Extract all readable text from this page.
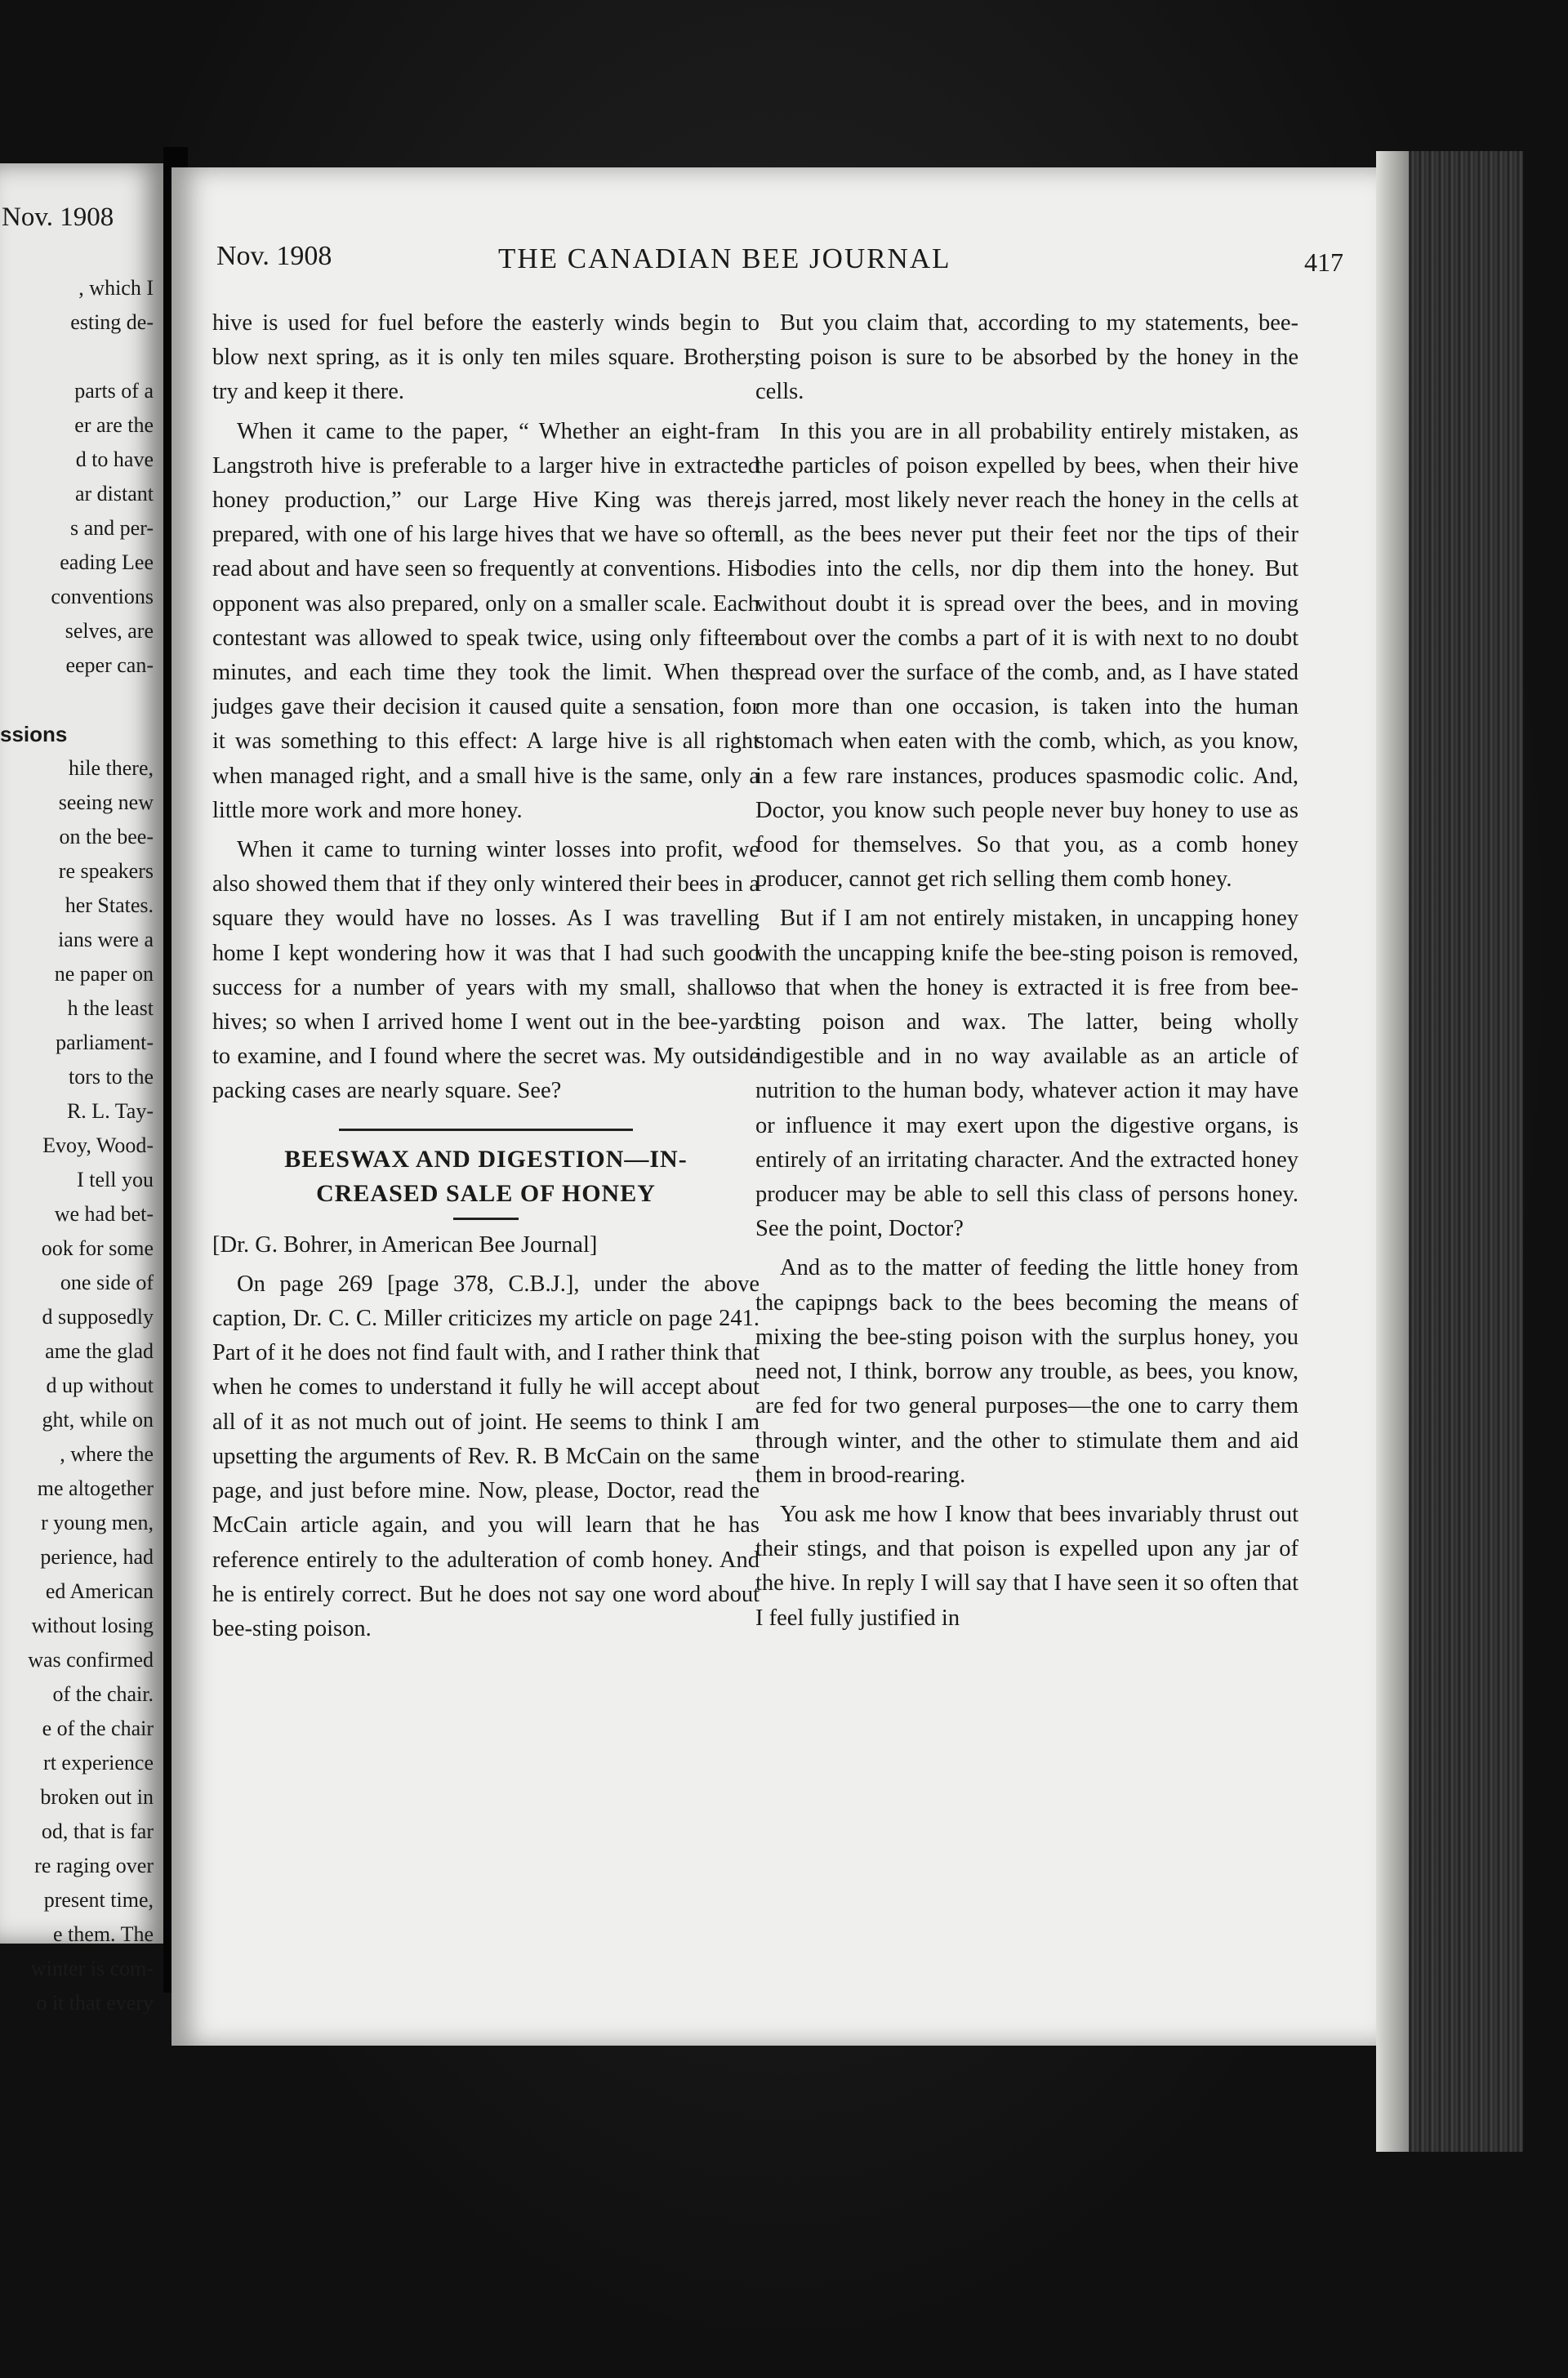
Nov. 1908
, which I
esting de-
parts of a
er are the
d to have
ar distant
s and per-
eading Lee
conventions
selves, are
eeper can-
ssions
hile there,
seeing new
on the bee-
re speakers
her States.
ians were a
ne paper on
h the least
parliament-
tors to the
R. L. Tay-
Evoy, Wood-
I tell you
we had bet-
ook for some
one side of
d supposedly
ame the glad
d up without
ght, while on
, where the
me altogether
r young men,
perience, had
ed American
without losing
was confirmed
of the chair.
e of the chair
rt experience
broken out in
od, that is far
re raging over
present time,
e them. The
winter is com-
o it that every
Nov. 1908	THE CANADIAN BEE JOURNAL	417

hive is used for fuel before the easterly winds begin to blow next spring, as it is only ten miles square. Brother, try and keep it there.

When it came to the paper, “ Whether an eight-fram Langstroth hive is preferable to a larger hive in extracted honey production,” our Large Hive King was there, prepared, with one of his large hives that we have so often read about and have seen so frequently at conventions. His opponent was also prepared, only on a smaller scale. Each contestant was allowed to speak twice, using only fifteen minutes, and each time they took the limit. When the judges gave their decision it caused quite a sensation, for it was something to this effect: A large hive is all right when managed right, and a small hive is the same, only a little more work and more honey.

When it came to turning winter losses into profit, we also showed them that if they only wintered their bees in a square they would have no losses. As I was travelling home I kept wondering how it was that I had such good success for a number of years with my small, shallow hives; so when I arrived home I went out in the bee-yard to examine, and I found where the secret was. My outside packing cases are nearly square. See?

BEESWAX AND DIGESTION—IN-
CREASED SALE OF HONEY

[Dr. G. Bohrer, in American Bee Journal]

On page 269 [page 378, C.B.J.], under the above caption, Dr. C. C. Miller criticizes my article on page 241. Part of it he does not find fault with, and I rather think that when he comes to understand it fully he will accept about all of it as not much out of joint. He seems to think I am upsetting the arguments of Rev. R. B McCain on the same page, and just before mine. Now, please, Doctor, read the McCain article again, and you will learn that he has reference entirely to the adulteration of comb honey. And he is entirely correct. But he does not say one word about bee-sting poison.

But you claim that, according to my statements, bee-sting poison is sure to be absorbed by the honey in the cells.

In this you are in all probability entirely mistaken, as the particles of poison expelled by bees, when their hive is jarred, most likely never reach the honey in the cells at all, as the bees never put their feet nor the tips of their bodies into the cells, nor dip them into the honey. But without doubt it is spread over the bees, and in moving about over the combs a part of it is with next to no doubt spread over the surface of the comb, and, as I have stated on more than one occasion, is taken into the human stomach when eaten with the comb, which, as you know, in a few rare instances, produces spasmodic colic. And, Doctor, you know such people never buy honey to use as food for themselves. So that you, as a comb honey producer, cannot get rich selling them comb honey.

But if I am not entirely mistaken, in uncapping honey with the uncapping knife the bee-sting poison is removed, so that when the honey is extracted it is free from bee-sting poison and wax. The latter, being wholly indigestible and in no way available as an article of nutrition to the human body, whatever action it may have or influence it may exert upon the digestive organs, is entirely of an irritating character. And the extracted honey producer may be able to sell this class of persons honey. See the point, Doctor?

And as to the matter of feeding the little honey from the capipngs back to the bees becoming the means of mixing the bee-sting poison with the surplus honey, you need not, I think, borrow any trouble, as bees, you know, are fed for two general purposes—the one to carry them through winter, and the other to stimulate them and aid them in brood-rearing.

You ask me how I know that bees invariably thrust out their stings, and that poison is expelled upon any jar of the hive. In reply I will say that I have seen it so often that I feel fully justified in
